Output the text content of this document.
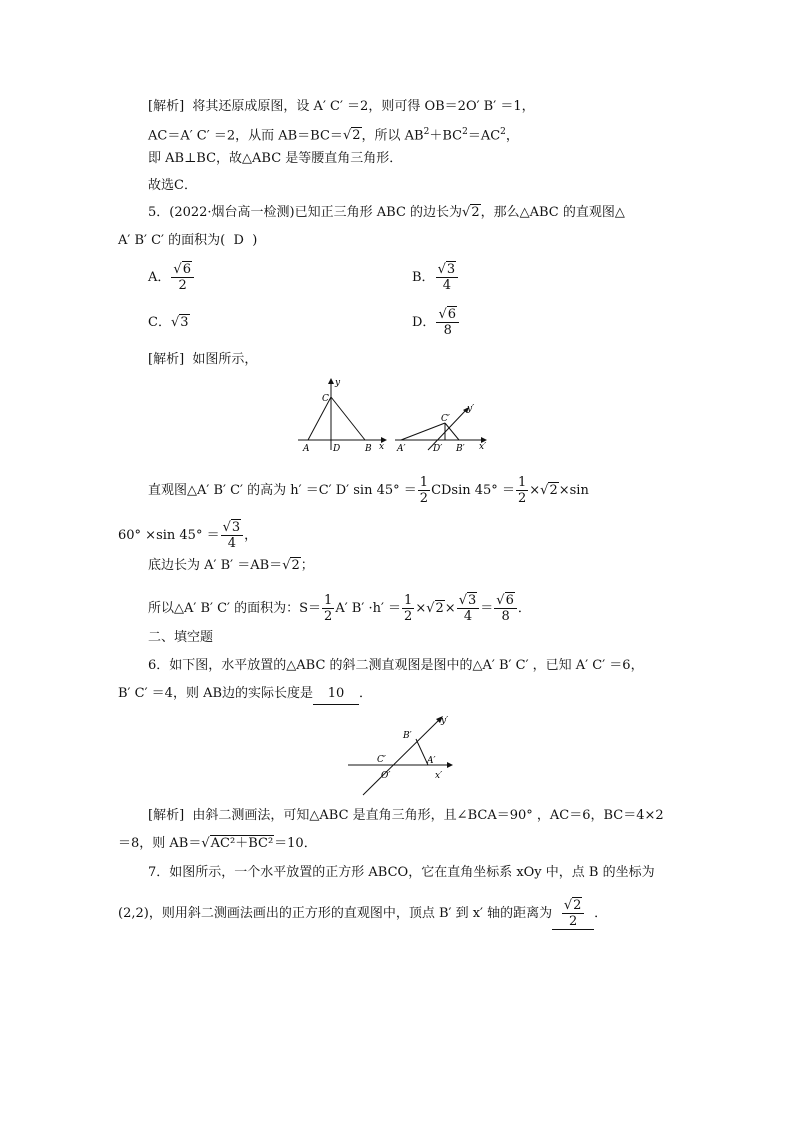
[解析] 将其还原成原图，设 A′ C′ ＝2，则可得 OB＝2O′ B′ ＝1，
AC＝A′ C′ ＝2，从而 AB＝BC＝√2，所以 $AB^2+BC^2=AC^2$，
即 AB⊥BC，故△ABC 是等腰直角三角形．
故选C．
5．(2022·烟台高一检测)已知正三角形 ABC 的边长为√2，那么△ABC 的直观图△
A′ B′ C′ 的面积为( D )
A． $\frac{√6}{2}$	B． $\frac{√3}{4}$
C．√3	D． $\frac{√6}{8}$
[解析] 如图所示，
y
C
A	D	B x
y′
C′
A′	D′ B′ x′
直观图△A′ B′ C′ 的高为 h′ ＝C′ D′ $\sin 45^\circ = \frac{1}{2}$ CDsin $45^\circ = \frac{1}{2} \times√2\times\sin$
60° ×sin $45^\circ = \frac{√3}{4}$ ，
底边长为 A′ B′ ＝AB＝√2；
所以△A′ B′ C′ 的面积为：$S= \frac{1}{2} A'$ $B' \cdot h' = \frac{1}{2} \times√2\times \frac{√3}{4} = \frac{√6}{8}$ ．
二、填空题
6．如下图，水平放置的△ABC 的斜二测直观图是图中的△A′ B′ C′ ，已知 A′ C′ ＝6，
B′ C′ ＝4，则 AB边的实际长度是 10 ．
y′
B′
C′	A′
O′	x′
[解析] 由斜二测画法，可知△ABC 是直角三角形，且∠BCA＝90° ，AC＝6，BC＝4×2
＝8，则 AB＝√AC²＋BC²＝10．
7．如图所示，一个水平放置的正方形 ABCO，它在直角坐标系 xOy 中，点 B 的坐标为
(2,2)，则用斜二测画法画出的正方形的直观图中，顶点 B′ 到 x′ 轴的距离为 $\frac{√2}{2}$ ．
